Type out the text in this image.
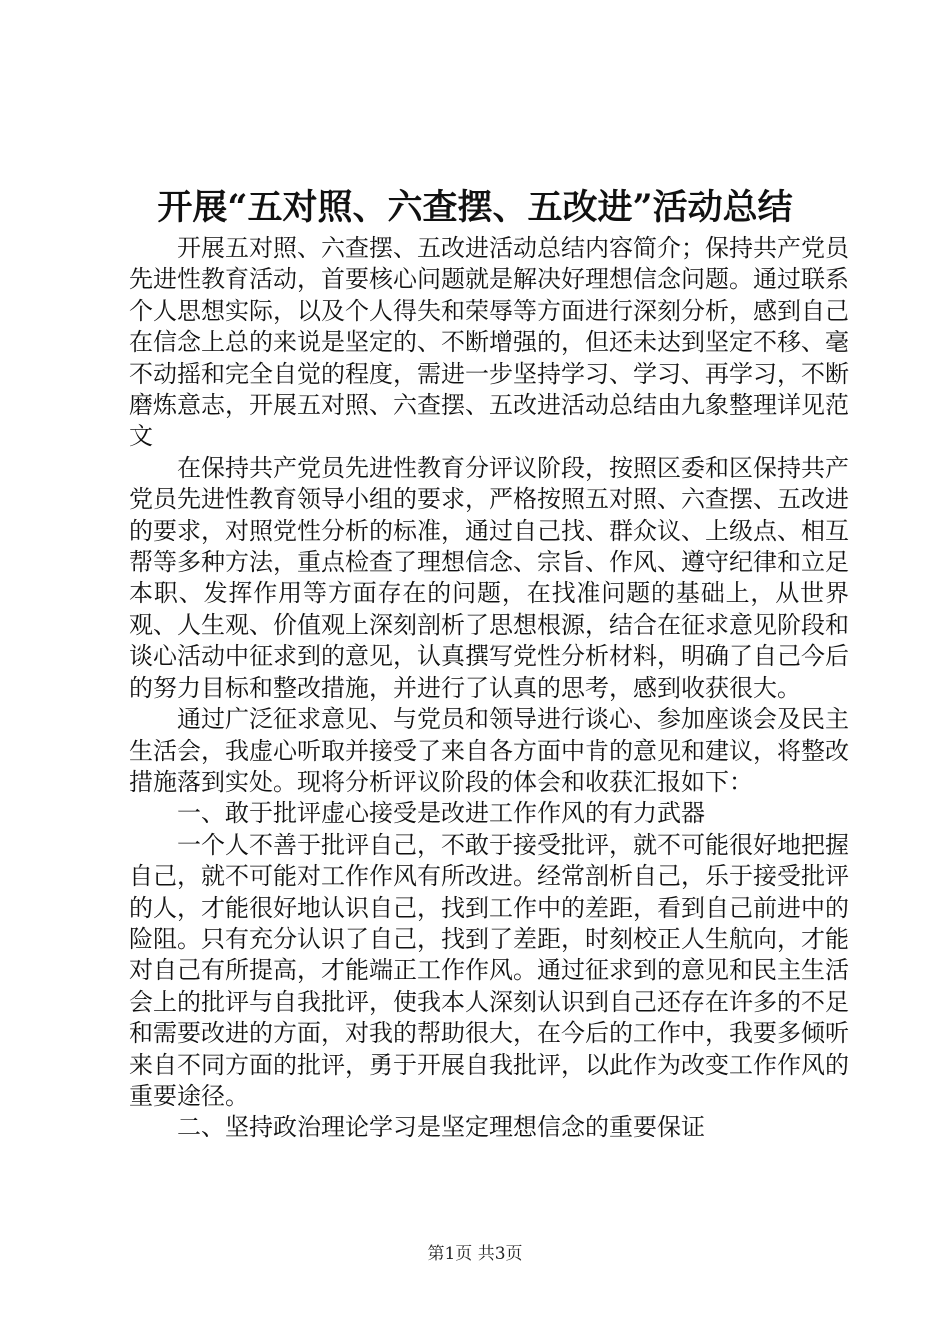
开展“五对照、六查摆、五改进”活动总结

开展五对照、六查摆、五改进活动总结内容简介；保持共产党员先进性教育活动，首要核心问题就是解决好理想信念问题。通过联系个人思想实际，以及个人得失和荣辱等方面进行深刻分析，感到自己在信念上总的来说是坚定的、不断增强的，但还未达到坚定不移、毫不动摇和完全自觉的程度，需进一步坚持学习、学习、再学习，不断磨炼意志，开展五对照、六查摆、五改进活动总结由九象整理详见范文

在保持共产党员先进性教育分评议阶段，按照区委和区保持共产党员先进性教育领导小组的要求，严格按照五对照、六查摆、五改进的要求，对照党性分析的标准，通过自己找、群众议、上级点、相互帮等多种方法，重点检查了理想信念、宗旨、作风、遵守纪律和立足本职、发挥作用等方面存在的问题，在找准问题的基础上，从世界观、人生观、价值观上深刻剖析了思想根源，结合在征求意见阶段和谈心活动中征求到的意见，认真撰写党性分析材料，明确了自己今后的努力目标和整改措施，并进行了认真的思考，感到收获很大。

通过广泛征求意见、与党员和领导进行谈心、参加座谈会及民主生活会，我虚心听取并接受了来自各方面中肯的意见和建议，将整改措施落到实处。现将分析评议阶段的体会和收获汇报如下：

一、敢于批评虚心接受是改进工作作风的有力武器

一个人不善于批评自己，不敢于接受批评，就不可能很好地把握自己，就不可能对工作作风有所改进。经常剖析自己，乐于接受批评的人，才能很好地认识自己，找到工作中的差距，看到自己前进中的险阻。只有充分认识了自己，找到了差距，时刻校正人生航向，才能对自己有所提高，才能端正工作作风。通过征求到的意见和民主生活会上的批评与自我批评，使我本人深刻认识到自己还存在许多的不足和需要改进的方面，对我的帮助很大，在今后的工作中，我要多倾听来自不同方面的批评，勇于开展自我批评，以此作为改变工作作风的重要途径。

二、坚持政治理论学习是坚定理想信念的重要保证

第1页 共3页
